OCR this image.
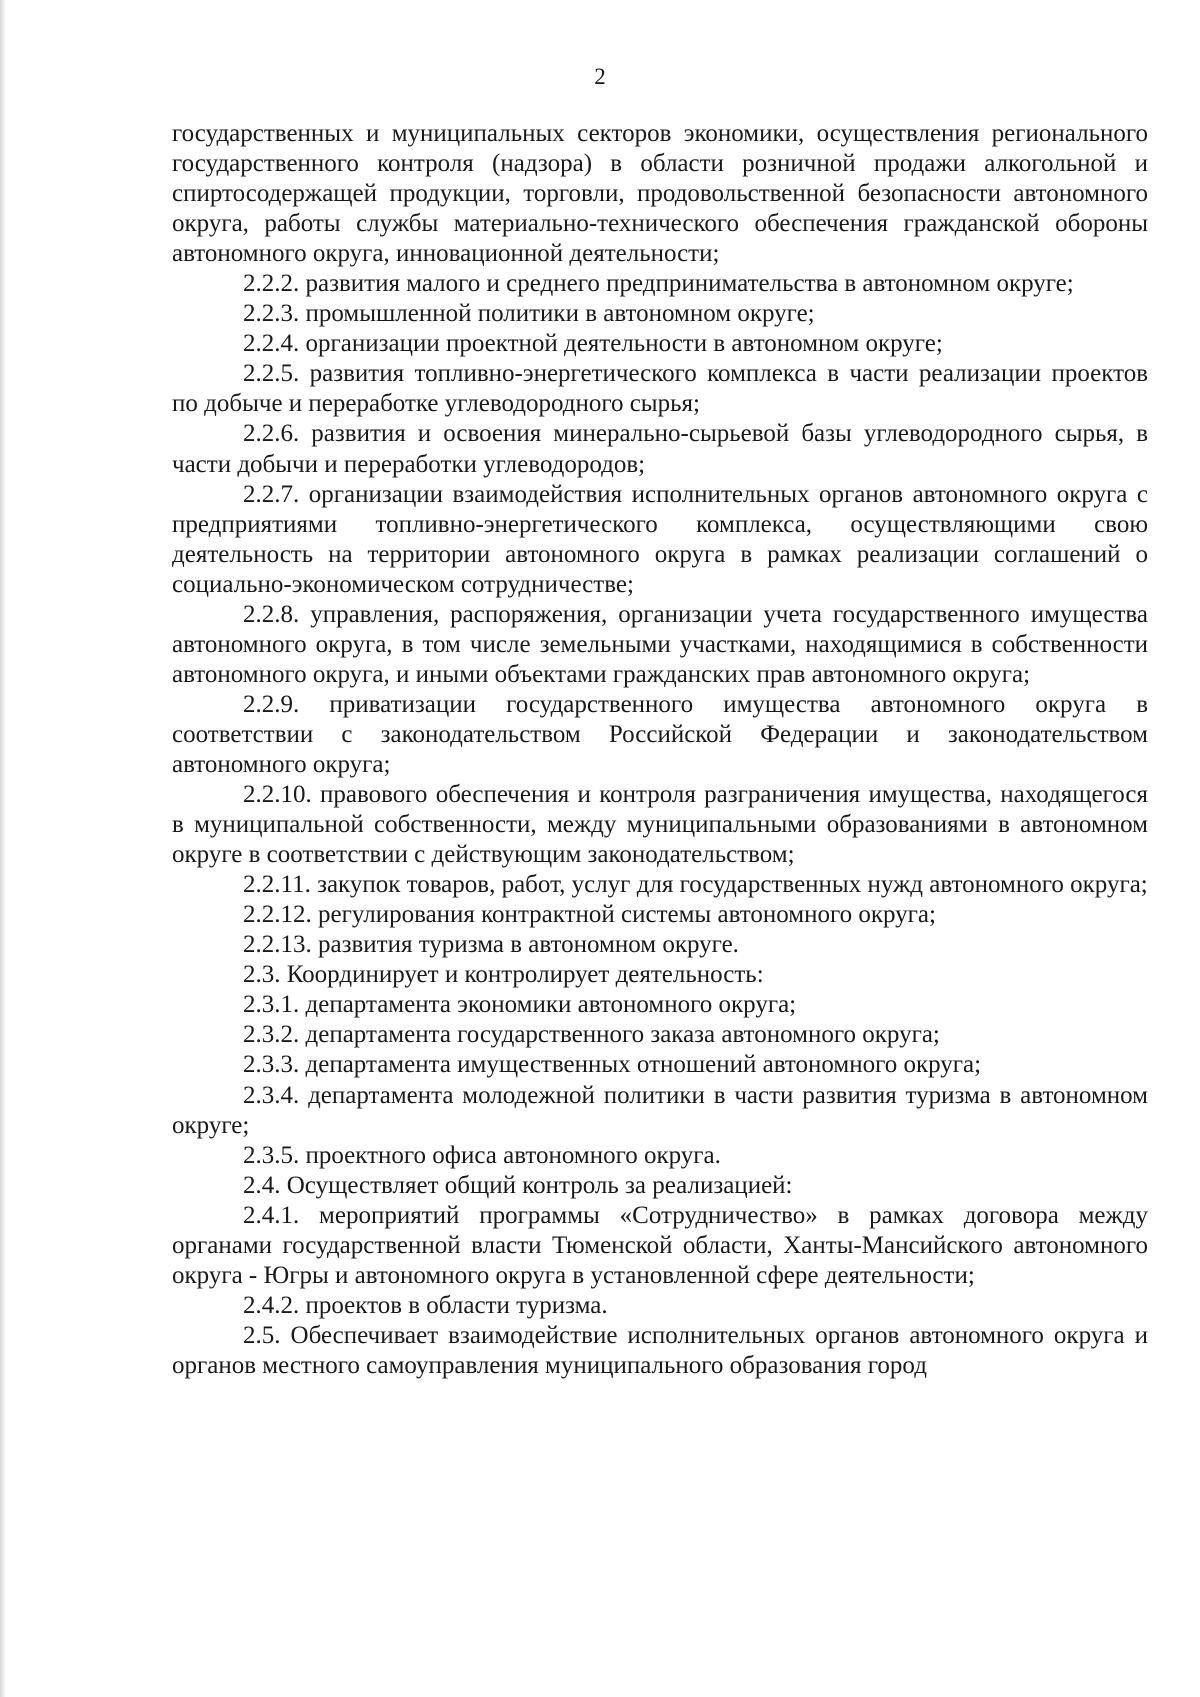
2

государственных и муниципальных секторов экономики, осуществления регионального государственного контроля (надзора) в области розничной продажи алкогольной и спиртосодержащей продукции, торговли, продовольственной безопасности автономного округа, работы службы материально-технического обеспечения гражданской обороны автономного округа, инновационной деятельности;

2.2.2. развития малого и среднего предпринимательства в автономном округе;

2.2.3. промышленной политики в автономном округе;

2.2.4. организации проектной деятельности в автономном округе;

2.2.5. развития топливно-энергетического комплекса в части реализации проектов по добыче и переработке углеводородного сырья;

2.2.6. развития и освоения минерально-сырьевой базы углеводородного сырья, в части добычи и переработки углеводородов;

2.2.7. организации взаимодействия исполнительных органов автономного округа с предприятиями топливно-энергетического комплекса, осуществляющими свою деятельность на территории автономного округа в рамках реализации соглашений о социально-экономическом сотрудничестве;

2.2.8. управления, распоряжения, организации учета государственного имущества автономного округа, в том числе земельными участками, находящимися в собственности автономного округа, и иными объектами гражданских прав автономного округа;

2.2.9. приватизации государственного имущества автономного округа в соответствии с законодательством Российской Федерации и законодательством автономного округа;

2.2.10. правового обеспечения и контроля разграничения имущества, находящегося в муниципальной собственности, между муниципальными образованиями в автономном округе в соответствии с действующим законодательством;

2.2.11. закупок товаров, работ, услуг для государственных нужд автономного округа;

2.2.12. регулирования контрактной системы автономного округа;

2.2.13. развития туризма в автономном округе.

2.3. Координирует и контролирует деятельность:

2.3.1. департамента экономики автономного округа;

2.3.2. департамента государственного заказа автономного округа;

2.3.3. департамента имущественных отношений автономного округа;

2.3.4. департамента молодежной политики в части развития туризма в автономном округе;

2.3.5. проектного офиса автономного округа.

2.4. Осуществляет общий контроль за реализацией:

2.4.1. мероприятий программы «Сотрудничество» в рамках договора между органами государственной власти Тюменской области, Ханты-Мансийского автономного округа - Югры и автономного округа в установленной сфере деятельности;

2.4.2. проектов в области туризма.

2.5. Обеспечивает взаимодействие исполнительных органов автономного округа и органов местного самоуправления муниципального образования город
